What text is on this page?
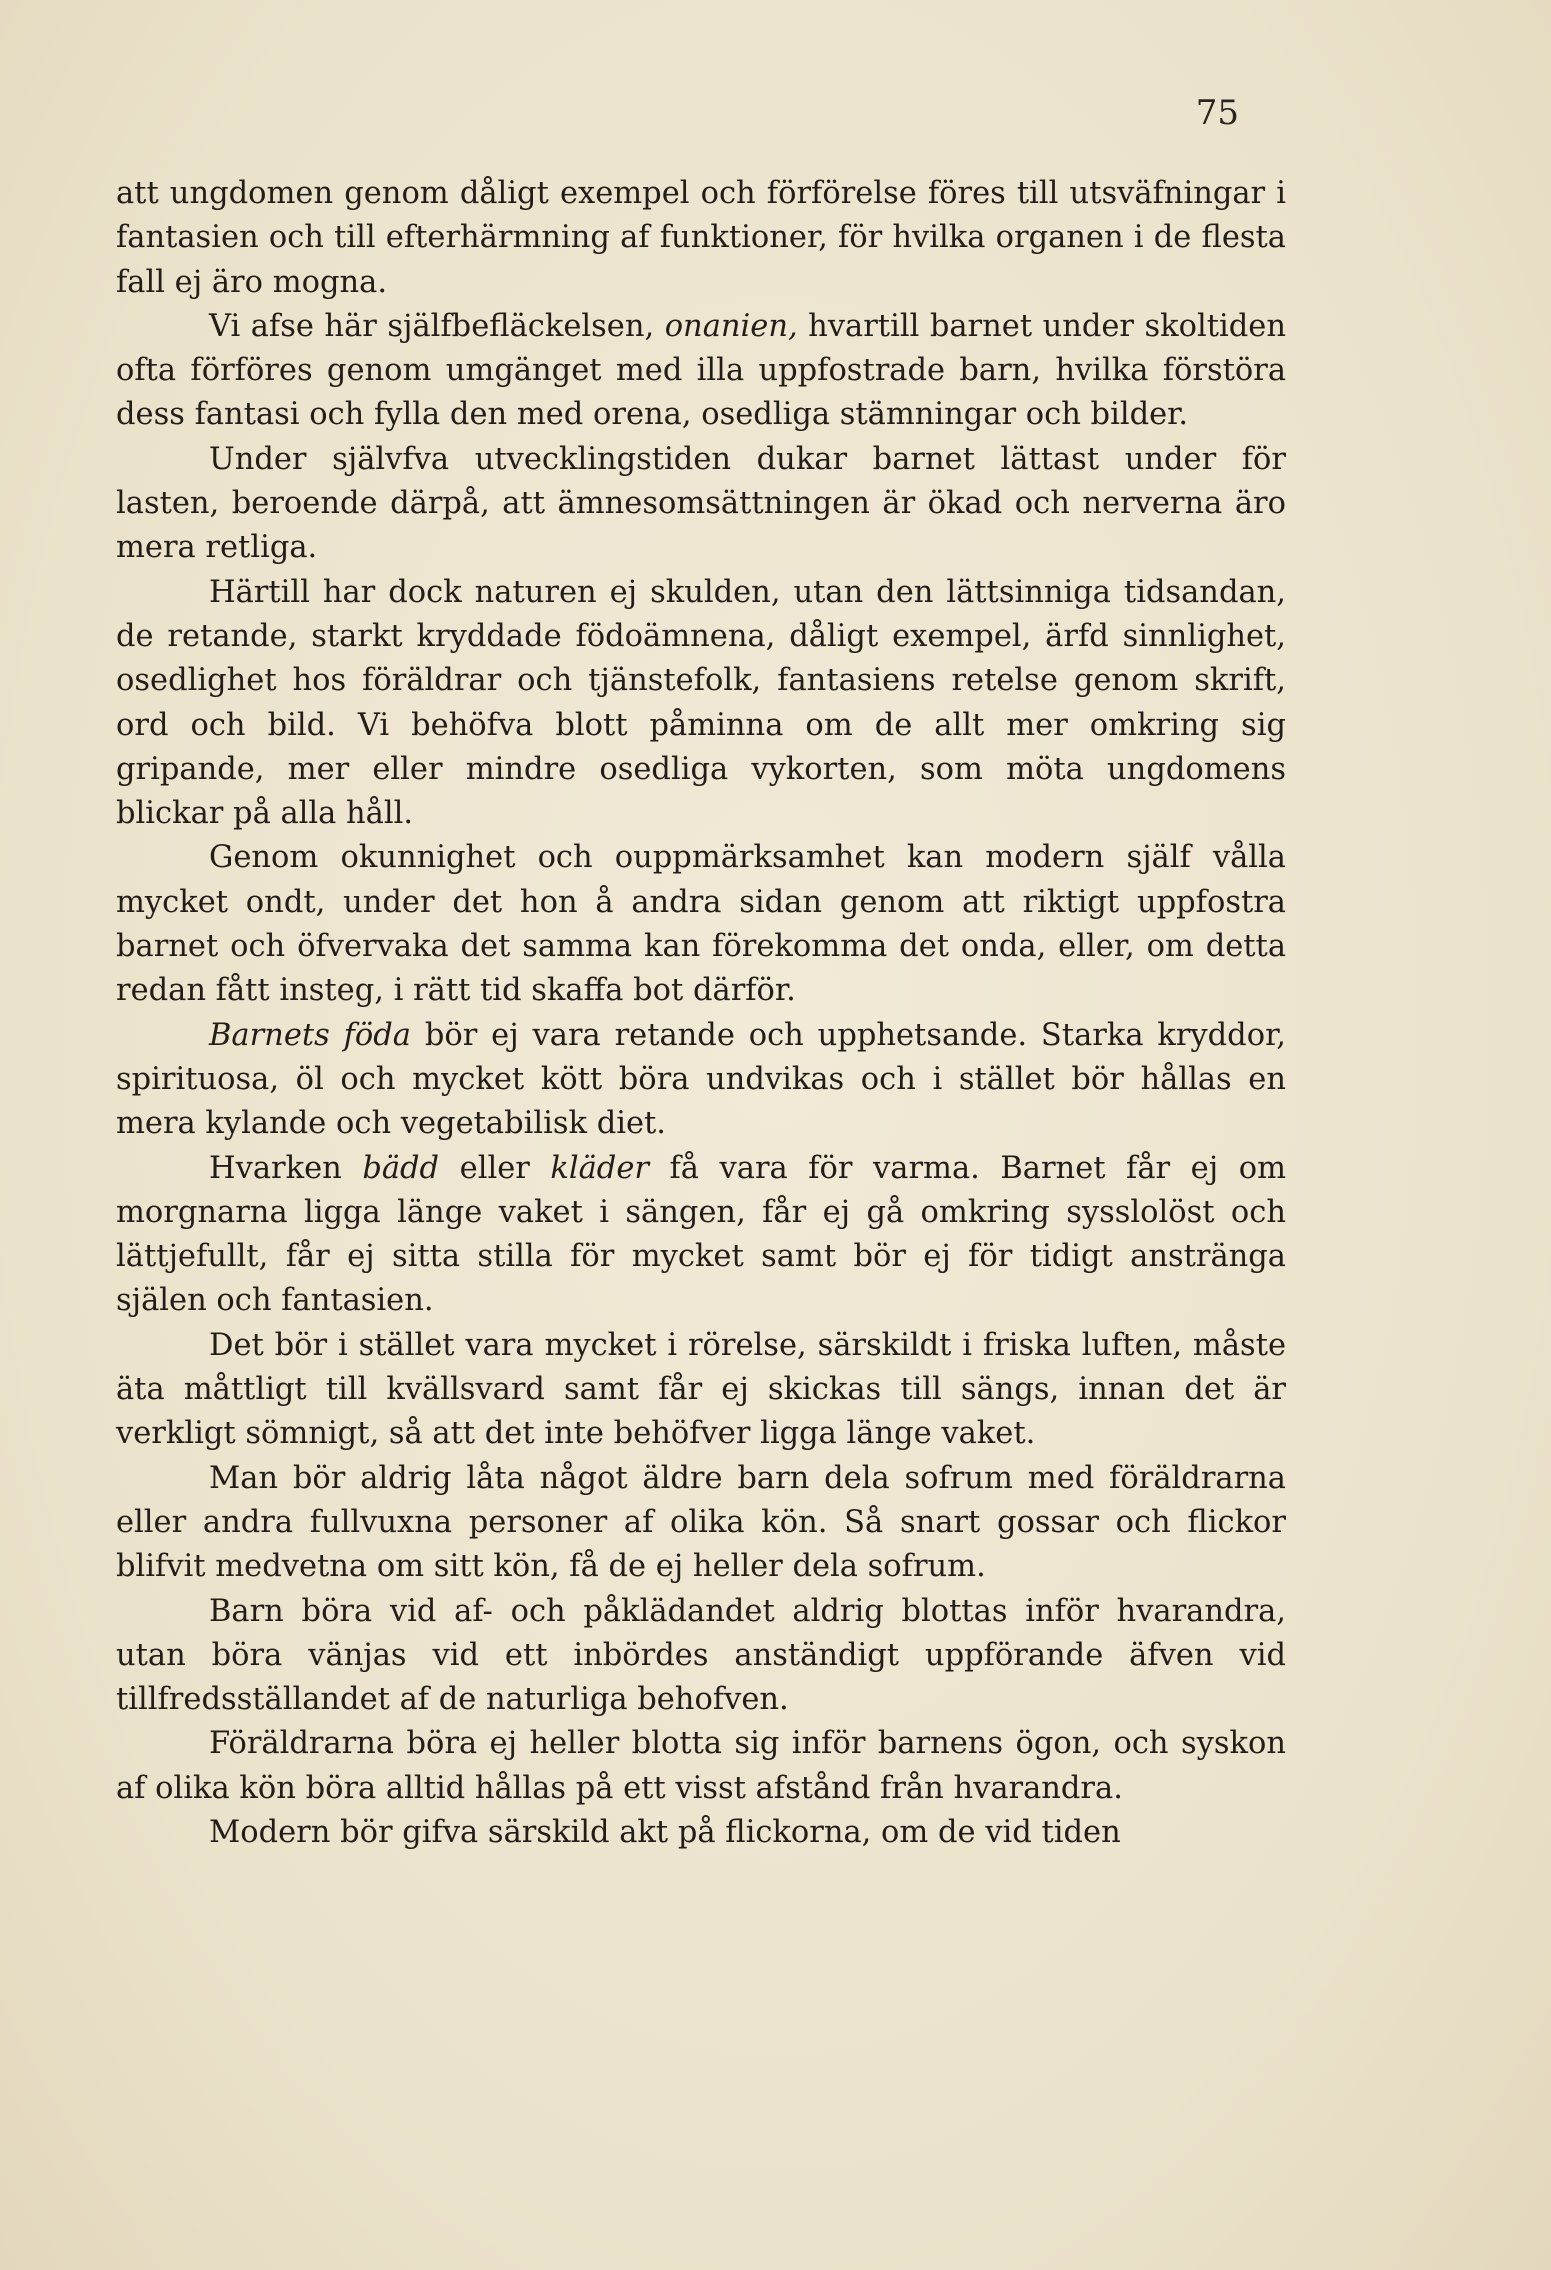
75

att ungdomen genom dåligt exempel och förförelse föres till utsväfningar i fantasien och till efterhärmning af funktioner, för hvilka organen i de flesta fall ej äro mogna.

Vi afse här själfbefläckelsen, onanien, hvartill barnet under skoltiden ofta förföres genom umgänget med illa uppfostrade barn, hvilka förstöra dess fantasi och fylla den med orena, osedliga stämningar och bilder.

Under självfva utvecklingstiden dukar barnet lättast under för lasten, beroende därpå, att ämnesomsättningen är ökad och nerverna äro mera retliga.

Härtill har dock naturen ej skulden, utan den lättsinniga tidsandan, de retande, starkt kryddade födoämnena, dåligt exempel, ärfd sinnlighet, osedlighet hos föräldrar och tjänstefolk, fantasiens retelse genom skrift, ord och bild. Vi behöfva blott påminna om de allt mer omkring sig gripande, mer eller mindre osedliga vykorten, som möta ungdomens blickar på alla håll.

Genom okunnighet och ouppmärksamhet kan modern själf vålla mycket ondt, under det hon å andra sidan genom att riktigt uppfostra barnet och öfvervaka det samma kan förekomma det onda, eller, om detta redan fått insteg, i rätt tid skaffa bot därför.

Barnets föda bör ej vara retande och upphetsande. Starka kryddor, spirituosa, öl och mycket kött böra undvikas och i stället bör hållas en mera kylande och vegetabilisk diet.

Hvarken bädd eller kläder få vara för varma. Barnet får ej om morgnarna ligga länge vaket i sängen, får ej gå omkring sysslolöst och lättjefullt, får ej sitta stilla för mycket samt bör ej för tidigt anstränga själen och fantasien.

Det bör i stället vara mycket i rörelse, särskildt i friska luften, måste äta måttligt till kvällsvard samt får ej skickas till sängs, innan det är verkligt sömnigt, så att det inte behöfver ligga länge vaket.

Man bör aldrig låta något äldre barn dela sofrum med föräldrarna eller andra fullvuxna personer af olika kön. Så snart gossar och flickor blifvit medvetna om sitt kön, få de ej heller dela sofrum.

Barn böra vid af- och påklädandet aldrig blottas inför hvarandra, utan böra vänjas vid ett inbördes anständigt uppförande äfven vid tillfredsställandet af de naturliga behofven.

Föräldrarna böra ej heller blotta sig inför barnens ögon, och syskon af olika kön böra alltid hållas på ett visst afstånd från hvarandra.

Modern bör gifva särskild akt på flickorna, om de vid tiden
